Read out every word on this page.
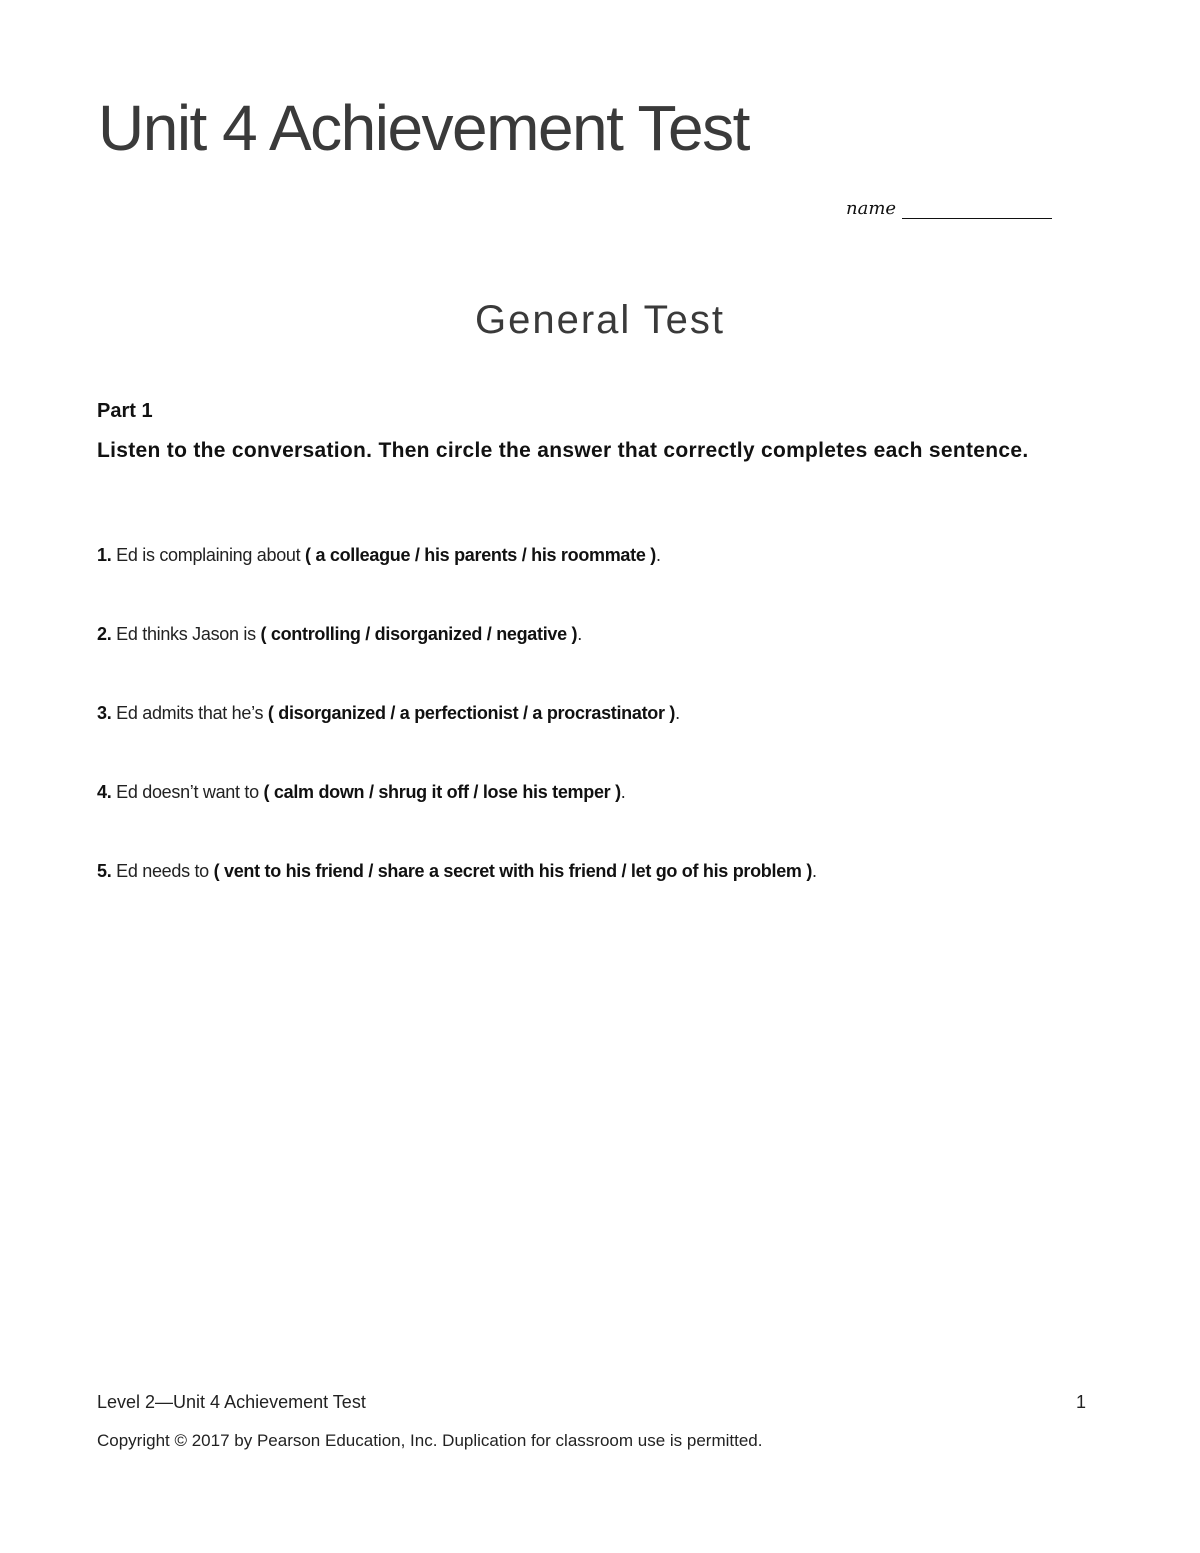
Unit 4 Achievement Test
name
General Test

Part 1

Listen to the conversation. Then circle the answer that correctly completes each sentence.

1. Ed is complaining about ( a colleague / his parents / his roommate ).
2. Ed thinks Jason is ( controlling / disorganized / negative ).
3. Ed admits that he’s ( disorganized / a perfectionist / a procrastinator ).
4. Ed doesn’t want to ( calm down / shrug it off / lose his temper ).
5. Ed needs to ( vent to his friend / share a secret with his friend / let go of his problem ).
Level 2—Unit 4 Achievement Test	1
Copyright © 2017 by Pearson Education, Inc. Duplication for classroom use is permitted.
